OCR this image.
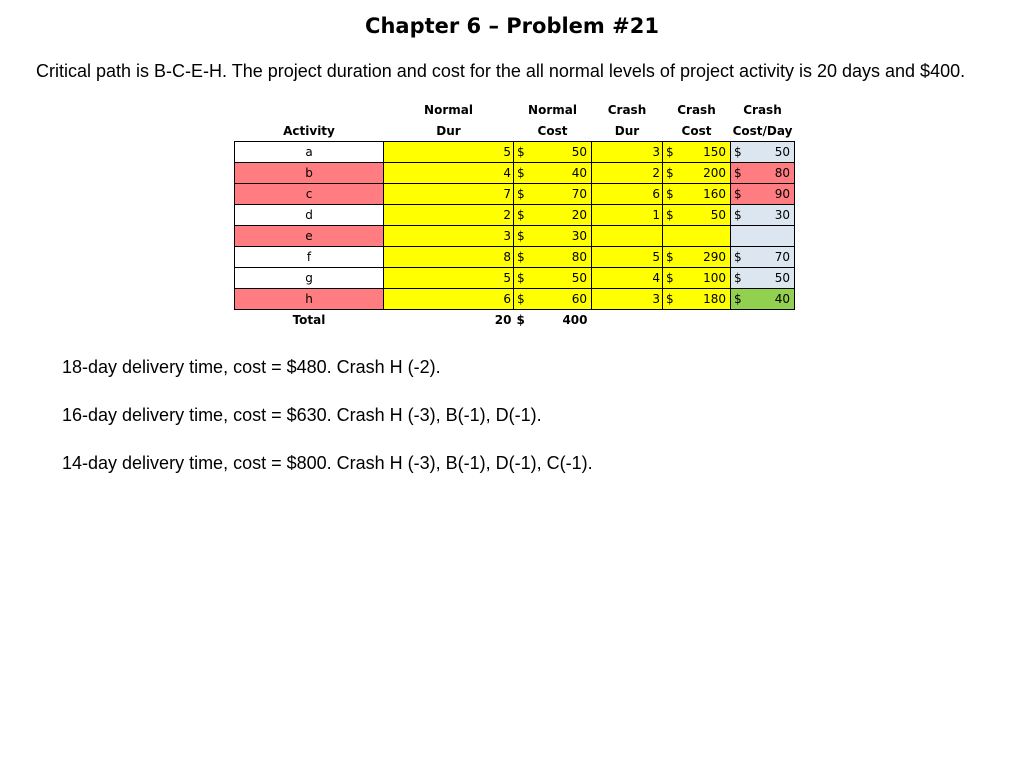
Chapter 6 – Problem #21
Critical path is B-C-E-H. The project duration and cost for the all normal levels of project activity is 20 days and $400.
	Normal	Normal		Crash	Crash		Crash	
Activity	Dur	Cost		Dur	Cost		Cost/Day	
a	5	$	50	3	$	150	$	50
b	4	$	40	2	$	200	$	80
c	7	$	70	6	$	160	$	90
d	2	$	20	1	$	50	$	30
e	3	$	30					
f	8	$	80	5	$	290	$	70
g	5	$	50	4	$	100	$	50
h	6	$	60	3	$	180	$	40
Total	20	$	400					
18-day delivery time, cost = $480. Crash H (-2).
16-day delivery time, cost = $630. Crash H (-3), B(-1), D(-1).
14-day delivery time, cost = $800. Crash H (-3), B(-1), D(-1), C(-1).
